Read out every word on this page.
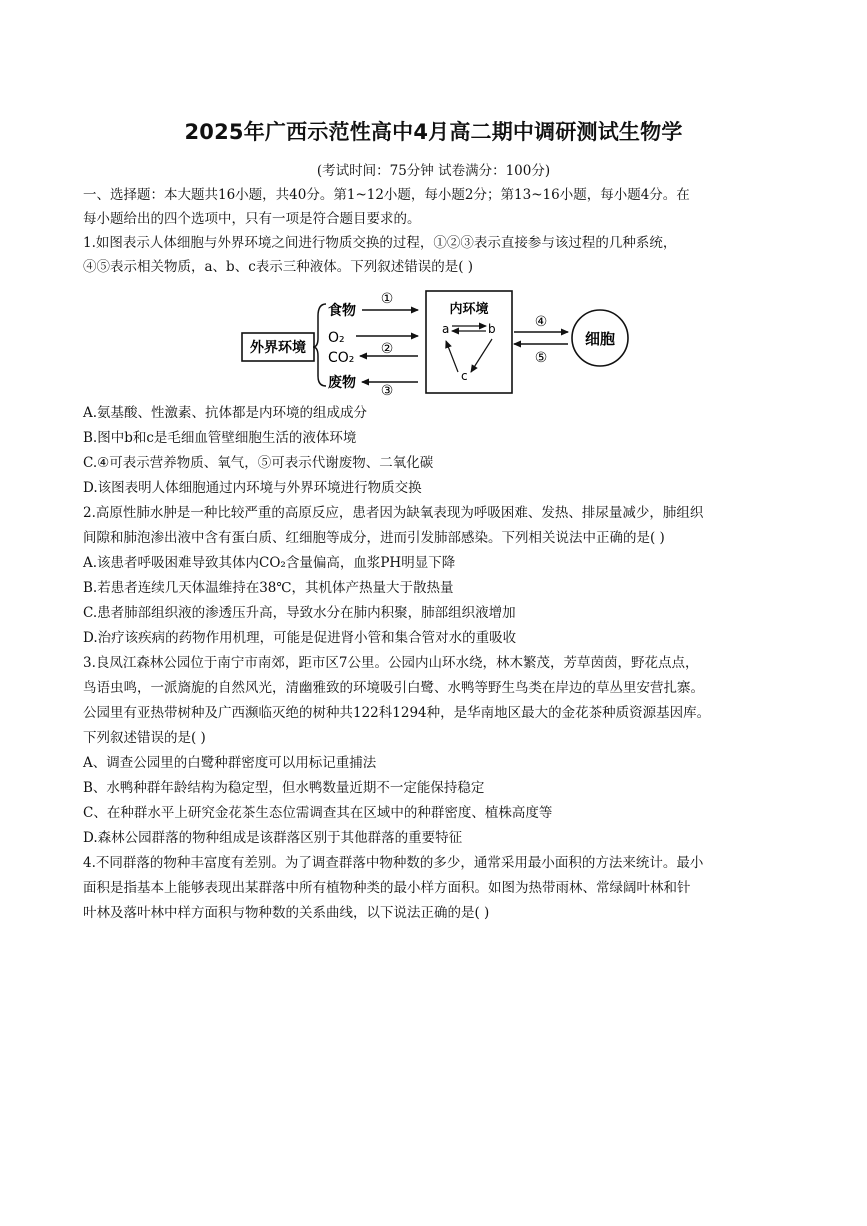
2025年广西示范性高中4月高二期中调研测试生物学
(考试时间：75分钟 试卷满分：100分)
一、选择题：本大题共16小题，共40分。第1~12小题，每小题2分；第13~16小题，每小题4分。在
每小题给出的四个选项中，只有一项是符合题目要求的。
1.如图表示人体细胞与外界环境之间进行物质交换的过程，①②③表示直接参与该过程的几种系统，
④⑤表示相关物质，a、b、c表示三种液体。下列叙述错误的是( )
外界环境
食物
O₂
CO₂
废物
①
②
③
内环境
a	b
c
④
⑤
细胞
A.氨基酸、性激素、抗体都是内环境的组成成分
B.图中b和c是毛细血管壁细胞生活的液体环境
C.④可表示营养物质、氧气，⑤可表示代谢废物、二氧化碳
D.该图表明人体细胞通过内环境与外界环境进行物质交换
2.高原性肺水肿是一种比较严重的高原反应，患者因为缺氧表现为呼吸困难、发热、排尿量减少，肺组织
间隙和肺泡渗出液中含有蛋白质、红细胞等成分，进而引发肺部感染。下列相关说法中正确的是( )
A.该患者呼吸困难导致其体内CO₂含量偏高，血浆PH明显下降
B.若患者连续几天体温维持在38℃，其机体产热量大于散热量
C.患者肺部组织液的渗透压升高，导致水分在肺内积聚，肺部组织液增加
D.治疗该疾病的药物作用机理，可能是促进肾小管和集合管对水的重吸收
3.良凤江森林公园位于南宁市南郊，距市区7公里。公园内山环水绕，林木繁茂，芳草茵茵，野花点点，
鸟语虫鸣，一派旖旎的自然风光，清幽雅致的环境吸引白鹭、水鸭等野生鸟类在岸边的草丛里安营扎寨。
公园里有亚热带树种及广西濒临灭绝的树种共122科1294种，是华南地区最大的金花茶种质资源基因库。
下列叙述错误的是( )
A、调查公园里的白鹭种群密度可以用标记重捕法
B、水鸭种群年龄结构为稳定型，但水鸭数量近期不一定能保持稳定
C、在种群水平上研究金花茶生态位需调查其在区域中的种群密度、植株高度等
D.森林公园群落的物种组成是该群落区别于其他群落的重要特征
4.不同群落的物种丰富度有差别。为了调查群落中物种数的多少，通常采用最小面积的方法来统计。最小
面积是指基本上能够表现出某群落中所有植物种类的最小样方面积。如图为热带雨林、常绿阔叶林和针
叶林及落叶林中样方面积与物种数的关系曲线，以下说法正确的是( )
